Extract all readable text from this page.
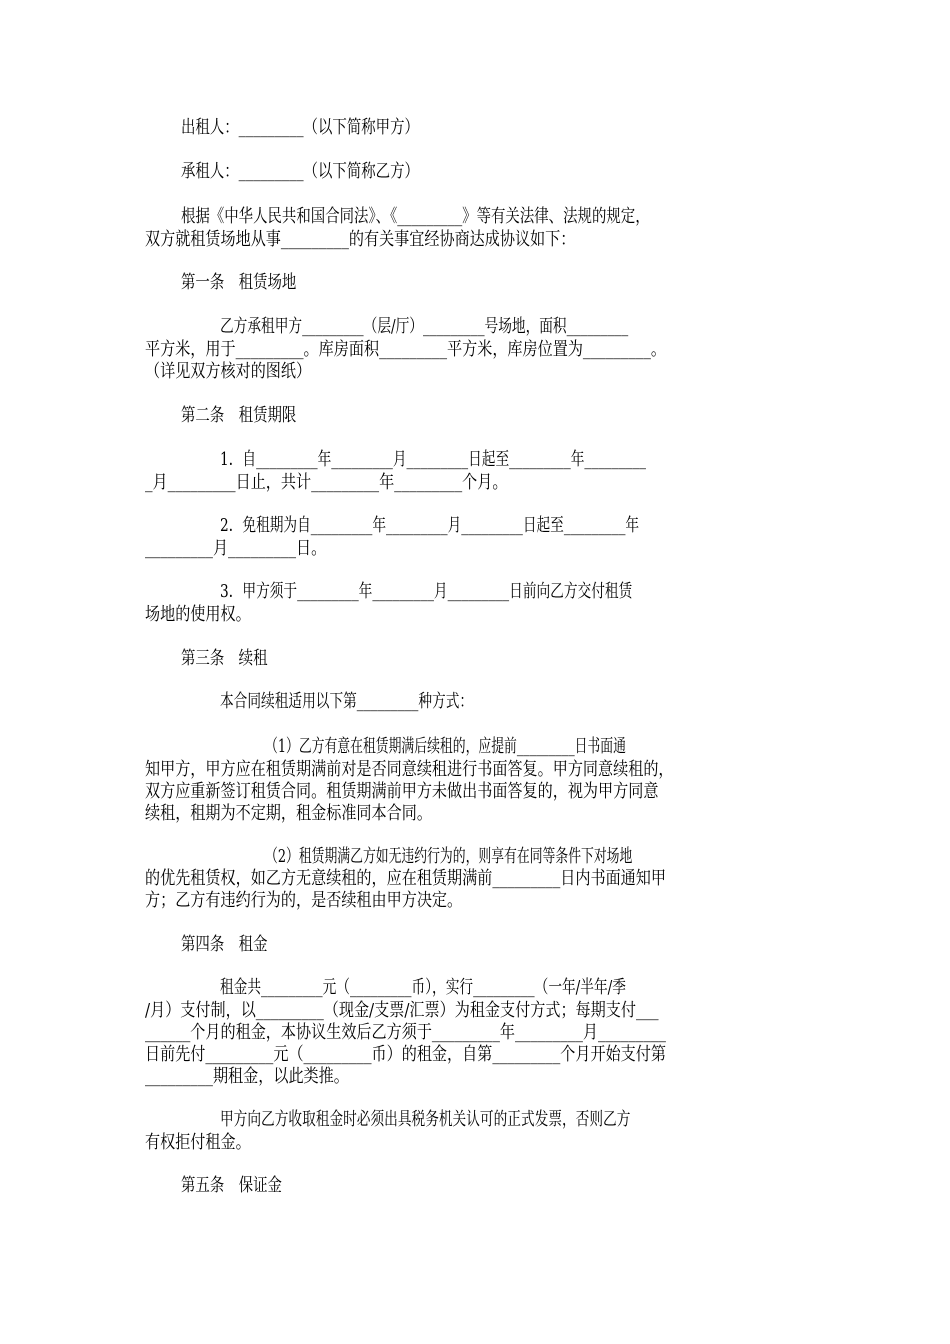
出租人：_________（以下简称甲方）

承租人：_________（以下简称乙方）

根据《中华人民共和国合同法》、《_________》等有关法律、法规的规定，

双方就租赁场地从事_________的有关事宜经协商达成协议如下：

第一条　租赁场地

乙方承租甲方_________（层/厅）_________号场地，面积_________

平方米，用于_________。库房面积_________平方米，库房位置为_________。

（详见双方核对的图纸）

第二条　租赁期限

1．自_________年_________月_________日起至_________年_________

_月_________日止，共计_________年_________个月。

2．免租期为自_________年_________月_________日起至_________年

_________月_________日。

3．甲方须于_________年_________月_________日前向乙方交付租赁

场地的使用权。

第三条　续租

本合同续租适用以下第_________种方式：

（1）乙方有意在租赁期满后续租的，应提前_________日书面通

知甲方，甲方应在租赁期满前对是否同意续租进行书面答复。甲方同意续租的，

双方应重新签订租赁合同。租赁期满前甲方未做出书面答复的，视为甲方同意

续租，租期为不定期，租金标准同本合同。

（2）租赁期满乙方如无违约行为的，则享有在同等条件下对场地

的优先租赁权，如乙方无意续租的，应在租赁期满前_________日内书面通知甲

方；乙方有违约行为的，是否续租由甲方决定。

第四条　租金

租金共_________元（_________币），实行_________（一年/半年/季

/月）支付制，以_________（现金/支票/汇票）为租金支付方式；每期支付___

______个月的租金，本协议生效后乙方须于_________年_________月_________

日前先付_________元（_________币）的租金，自第_________个月开始支付第

_________期租金，以此类推。

甲方向乙方收取租金时必须出具税务机关认可的正式发票，否则乙方

有权拒付租金。

第五条　保证金
